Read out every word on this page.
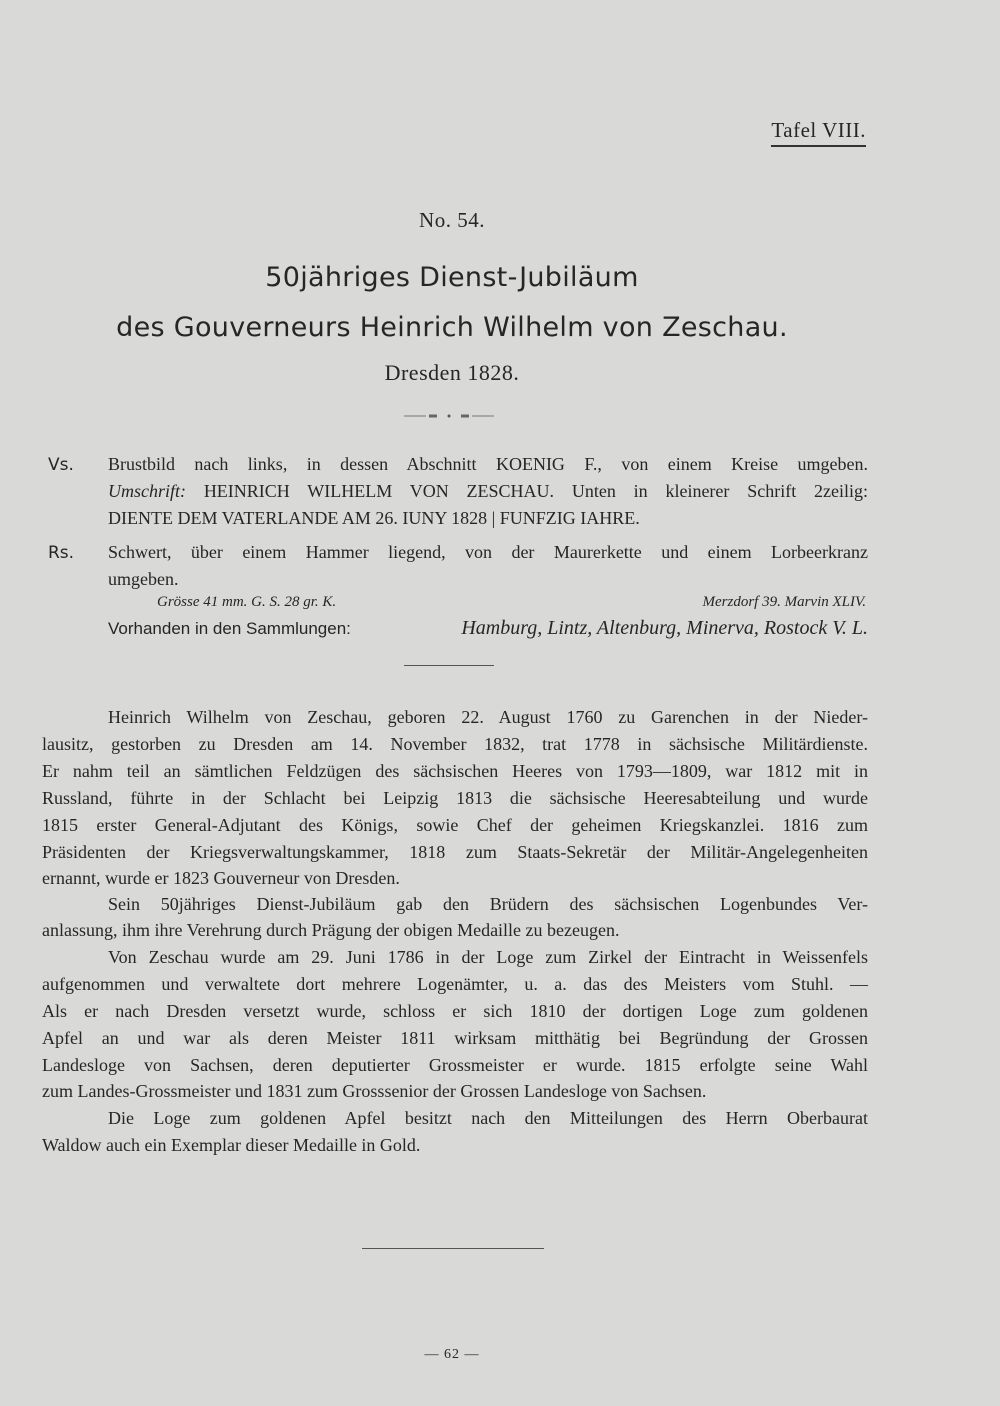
Tafel VIII.
No. 54.
50jähriges Dienst-Jubiläum
des Gouverneurs Heinrich Wilhelm von Zeschau.
Dresden 1828.
Vs. Brustbild nach links, in dessen Abschnitt KOENIG F., von einem Kreise umgeben.
Umschrift: HEINRICH WILHELM VON ZESCHAU. Unten in kleinerer Schrift 2zeilig:
DIENTE DEM VATERLANDE AM 26. IUNY 1828 | FUNFZIG IAHRE.
Rs. Schwert, über einem Hammer liegend, von der Maurerkette und einem Lorbeerkranz
umgeben.
Grösse 41 mm. G. S. 28 gr. K.	Merzdorf 39. Marvin XLIV.
Vorhanden in den Sammlungen:	Hamburg, Lintz, Altenburg, Minerva, Rostock V. L.
Heinrich Wilhelm von Zeschau, geboren 22. August 1760 zu Garenchen in der Nieder-
lausitz, gestorben zu Dresden am 14. November 1832, trat 1778 in sächsische Militärdienste.
Er nahm teil an sämtlichen Feldzügen des sächsischen Heeres von 1793—1809, war 1812 mit in
Russland, führte in der Schlacht bei Leipzig 1813 die sächsische Heeresabteilung und wurde
1815 erster General-Adjutant des Königs, sowie Chef der geheimen Kriegskanzlei. 1816 zum
Präsidenten der Kriegsverwaltungskammer, 1818 zum Staats-Sekretär der Militär-Angelegenheiten
ernannt, wurde er 1823 Gouverneur von Dresden.
Sein 50jähriges Dienst-Jubiläum gab den Brüdern des sächsischen Logenbundes Ver-
anlassung, ihm ihre Verehrung durch Prägung der obigen Medaille zu bezeugen.
Von Zeschau wurde am 29. Juni 1786 in der Loge zum Zirkel der Eintracht in Weissenfels
aufgenommen und verwaltete dort mehrere Logenämter, u. a. das des Meisters vom Stuhl. —
Als er nach Dresden versetzt wurde, schloss er sich 1810 der dortigen Loge zum goldenen
Apfel an und war als deren Meister 1811 wirksam mitthätig bei Begründung der Grossen
Landesloge von Sachsen, deren deputierter Grossmeister er wurde. 1815 erfolgte seine Wahl
zum Landes-Grossmeister und 1831 zum Grosssenior der Grossen Landesloge von Sachsen.
Die Loge zum goldenen Apfel besitzt nach den Mitteilungen des Herrn Oberbaurat
Waldow auch ein Exemplar dieser Medaille in Gold.
— 62 —
